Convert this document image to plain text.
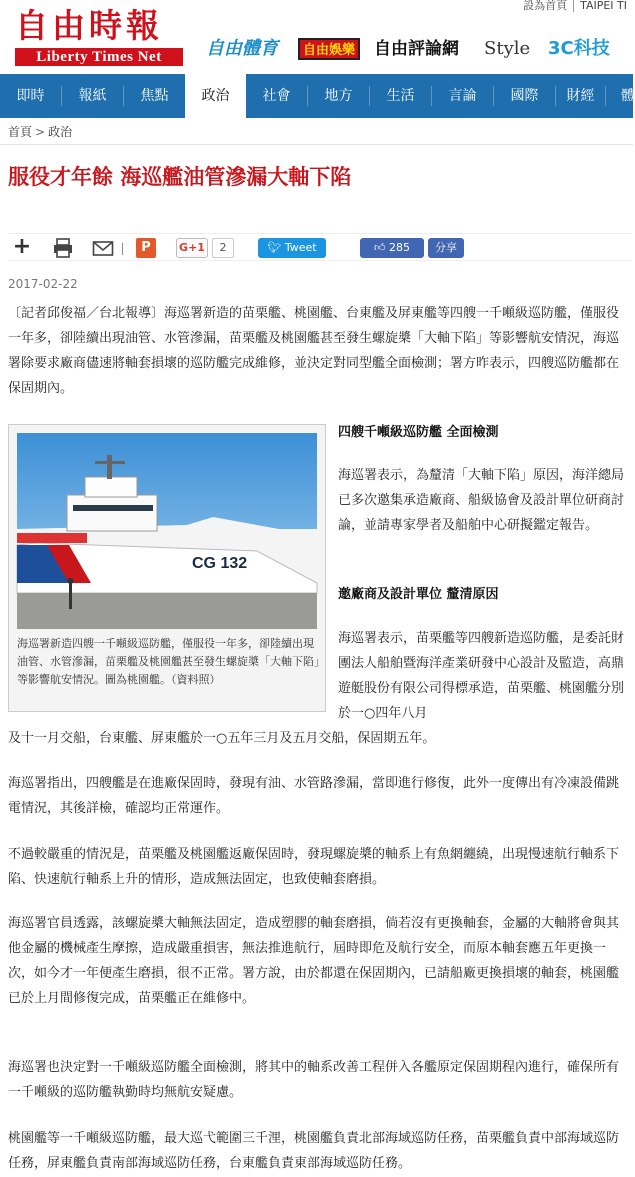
自由時報
Liberty Times Net
設為首頁 TAIPEI TI
自由體育	自由娛樂 自由評論網	Style 3C科技
即時	報紙	焦點	政治	社會	地方	生活	言論	國際	財經	體
首頁 > 政治
服役才年餘 海巡艦油管滲漏大軸下陷
+	P	G+1	2	🐦︎ Tweet	👍︎ 285	分享
2017-02-22

〔記者邱俊福／台北報導〕海巡署新造的苗栗艦、桃園艦、台東艦及屏東艦等四艘一千噸級巡防艦，僅服役一年多，卻陸續出現油管、水管滲漏，苗栗艦及桃園艦甚至發生螺旋槳「大軸下陷」等影響航安情況，海巡署除要求廠商儘速將軸套損壞的巡防艦完成維修，並決定對同型艦全面檢測；署方昨表示，四艘巡防艦都在保固期內。

CG 132
海巡署新造四艘一千噸級巡防艦，僅服役一年多，卻陸續出現油管、水管滲漏，苗栗艦及桃園艦甚至發生螺旋槳「大軸下陷」等影響航安情況。圖為桃園艦。（資料照）
四艘千噸級巡防艦 全面檢測

海巡署表示，為釐清「大軸下陷」原因，海洋總局已多次邀集承造廠商、船級協會及設計單位研商討論，並請專家學者及船舶中心研擬鑑定報告。

邀廠商及設計單位 釐清原因

海巡署表示，苗栗艦等四艘新造巡防艦，是委託財團法人船舶暨海洋產業研發中心設計及監造，高鼎遊艇股份有限公司得標承造，苗栗艦、桃園艦分別於一○四年八月

及十一月交船，台東艦、屏東艦於一○五年三月及五月交船，保固期五年。

海巡署指出，四艘艦是在進廠保固時，發現有油、水管路滲漏，當即進行修復，此外一度傳出有冷凍設備跳電情況，其後詳檢，確認均正常運作。

不過較嚴重的情況是，苗栗艦及桃園艦返廠保固時，發現螺旋槳的軸系上有魚網纏繞，出現慢速航行軸系下陷、快速航行軸系上升的情形，造成無法固定，也致使軸套磨損。

海巡署官員透露，該螺旋槳大軸無法固定，造成塑膠的軸套磨損，倘若沒有更換軸套，金屬的大軸將會與其他金屬的機械產生摩擦，造成嚴重損害，無法推進航行，屆時即危及航行安全，而原本軸套應五年更換一次，如今才一年便產生磨損，很不正常。署方說，由於都還在保固期內，已請船廠更換損壞的軸套，桃園艦已於上月間修復完成，苗栗艦正在維修中。

海巡署也決定對一千噸級巡防艦全面檢測，將其中的軸系改善工程併入各艦原定保固期程內進行，確保所有一千噸級的巡防艦執勤時均無航安疑慮。

桃園艦等一千噸級巡防艦，最大巡弋範圍三千浬，桃園艦負責北部海域巡防任務，苗栗艦負責中部海域巡防任務，屏東艦負責南部海域巡防任務，台東艦負責東部海域巡防任務。
